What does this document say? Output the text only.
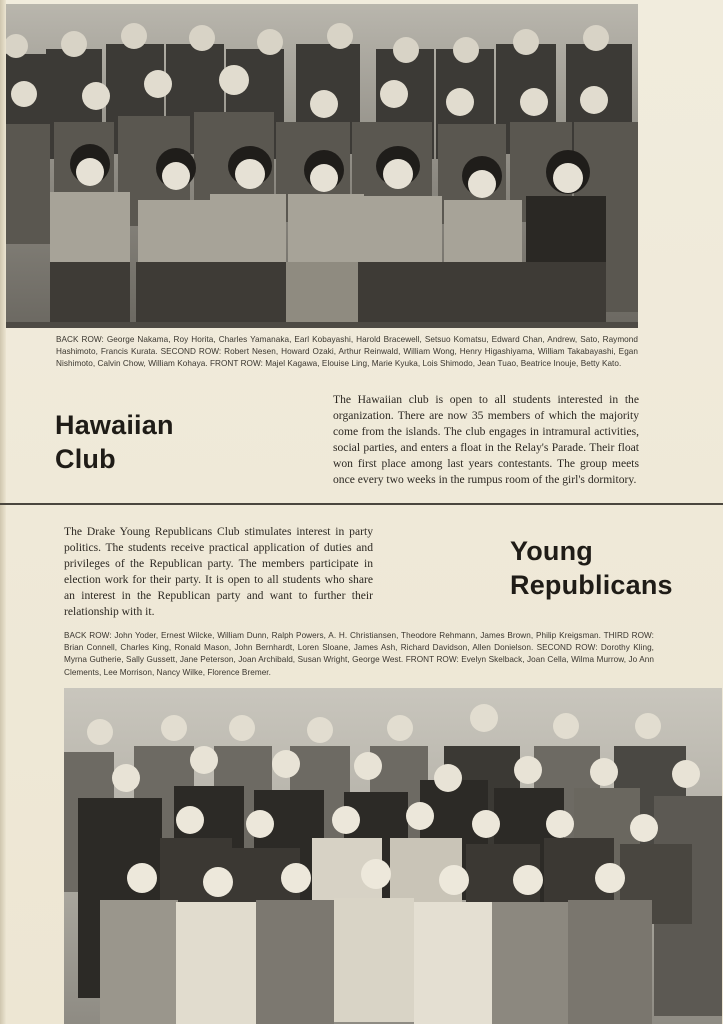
BACK ROW: George Nakama, Roy Horita, Charles Yamanaka, Earl Kobayashi, Harold Bracewell, Setsuo Komatsu, Edward Chan, Andrew, Sato, Raymond Hashimoto, Francis Kurata. SECOND ROW: Robert Nesen, Howard Ozaki, Arthur Reinwald, William Wong, Henry Higashiyama, William Takabayashi, Egan Nishimoto, Calvin Chow, William Kohaya. FRONT ROW: Majel Kagawa, Elouise Ling, Marie Kyuka, Lois Shimodo, Jean Tuao, Beatrice Inouje, Betty Kato.
Hawaiian
Club
The Hawaiian club is open to all students interested in the organization. There are now 35 members of which the majority come from the islands. The club engages in intramural activities, social parties, and enters a float in the Relay's Parade. Their float won first place among last years contestants. The group meets once every two weeks in the rumpus room of the girl's dormitory.
The Drake Young Republicans Club stimulates interest in party politics. The students receive practical application of duties and privileges of the Republican party. The members participate in election work for their party. It is open to all students who share an interest in the Republican party and want to further their relationship with it.
Young
Republicans
BACK ROW: John Yoder, Ernest Wilcke, William Dunn, Ralph Powers, A. H. Christiansen, Theodore Rehmann, James Brown, Philip Kreigsman. THIRD ROW: Brian Connell, Charles King, Ronald Mason, John Bernhardt, Loren Sloane, James Ash, Richard Davidson, Allen Donielson. SECOND ROW: Dorothy Kling, Myrna Gutherie, Sally Gussett, Jane Peterson, Joan Archibald, Susan Wright, George West. FRONT ROW: Evelyn Skelback, Joan Cella, Wilma Murrow, Jo Ann Clements, Lee Morrison, Nancy Wilke, Florence Bremer.
